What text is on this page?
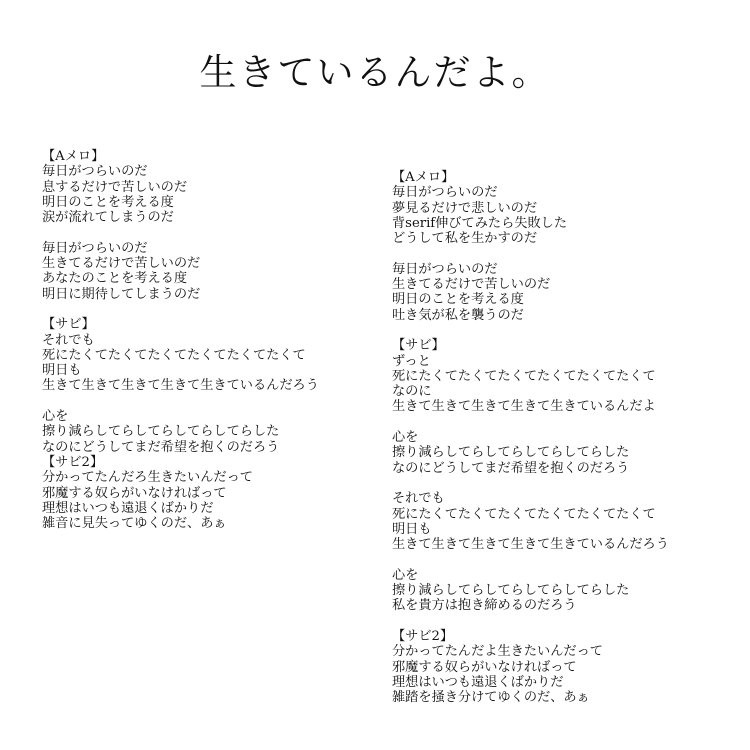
生きているんだよ。
【Aメロ】
毎日がつらいのだ
息するだけで苦しいのだ
明日のことを考える度
涙が流れてしまうのだ
毎日がつらいのだ
生きてるだけで苦しいのだ
あなたのことを考える度
明日に期待してしまうのだ
【サビ】
それでも
死にたくてたくてたくてたくてたくてたくて
明日も
生きて生きて生きて生きて生きているんだろう
心を
擦り減らしてらしてらしてらしてらした
なのにどうしてまだ希望を抱くのだろう
【サビ2】
分かってたんだろ生きたいんだって
邪魔する奴らがいなければって
理想はいつも遠退くばかりだ
雑音に見失ってゆくのだ、あぁ
【Aメロ】
毎日がつらいのだ
夢見るだけで悲しいのだ
背serif伸びてみたら失敗した
どうして私を生かすのだ
毎日がつらいのだ
生きてるだけで苦しいのだ
明日のことを考える度
吐き気が私を襲うのだ
【サビ】
ずっと
死にたくてたくてたくてたくてたくてたくて
なのに
生きて生きて生きて生きて生きているんだよ
心を
擦り減らしてらしてらしてらしてらした
なのにどうしてまだ希望を抱くのだろう
それでも
死にたくてたくてたくてたくてたくてたくて
明日も
生きて生きて生きて生きて生きているんだろう
心を
擦り減らしてらしてらしてらしてらした
私を貴方は抱き締めるのだろう
【サビ2】
分かってたんだよ生きたいんだって
邪魔する奴らがいなければって
理想はいつも遠退くばかりだ
雑踏を掻き分けてゆくのだ、あぁ
